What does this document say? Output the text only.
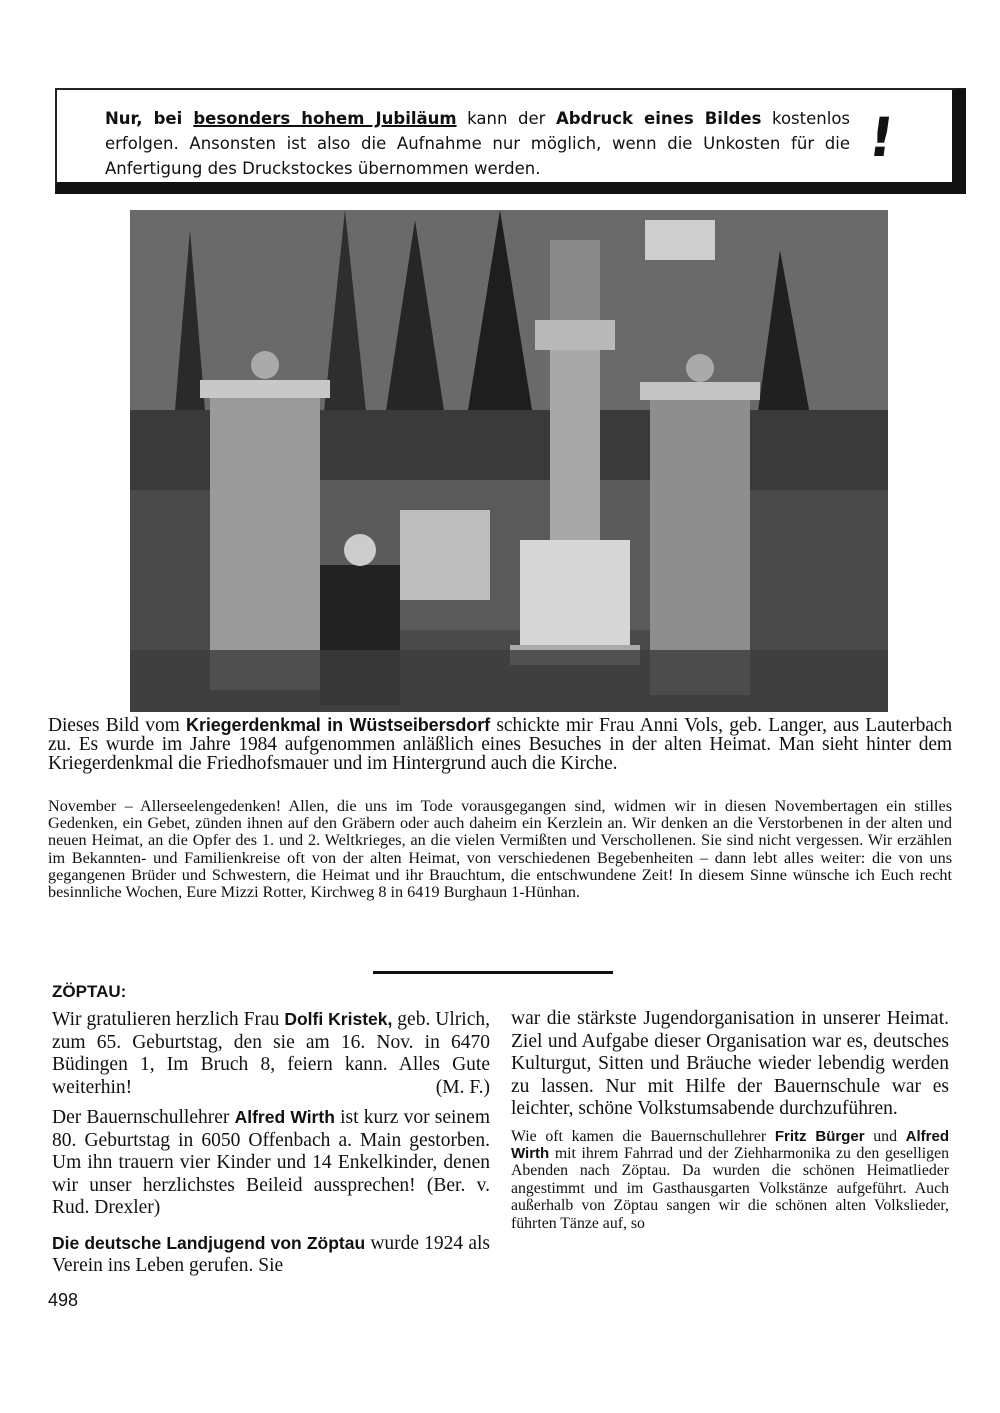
Nur, bei besonders hohem Jubiläum kann der Abdruck eines Bildes kostenlos erfolgen. Ansonsten ist also die Aufnahme nur möglich, wenn die Unkosten für die Anfertigung des Druckstockes übernommen werden.	!
Dieses Bild vom Kriegerdenkmal in Wüstseibersdorf schickte mir Frau Anni Vols, geb. Langer, aus Lauterbach zu. Es wurde im Jahre 1984 aufgenommen anläßlich eines Besuches in der alten Heimat. Man sieht hinter dem Kriegerdenkmal die Friedhofsmauer und im Hintergrund auch die Kirche.
November – Allerseelengedenken! Allen, die uns im Tode vorausgegangen sind, widmen wir in diesen Novembertagen ein stilles Gedenken, ein Gebet, zünden ihnen auf den Gräbern oder auch daheim ein Kerzlein an. Wir denken an die Verstorbenen in der alten und neuen Heimat, an die Opfer des 1. und 2. Weltkrieges, an die vielen Vermißten und Verschollenen. Sie sind nicht vergessen. Wir erzählen im Bekannten- und Familienkreise oft von der alten Heimat, von verschiedenen Begebenheiten – dann lebt alles weiter: die von uns gegangenen Brüder und Schwestern, die Heimat und ihr Brauchtum, die entschwundene Zeit! In diesem Sinne wünsche ich Euch recht besinnliche Wochen, Eure Mizzi Rotter, Kirchweg 8 in 6419 Burghaun 1-Hünhan.
ZÖPTAU:

Wir gratulieren herzlich Frau Dolfi Kristek, geb. Ulrich, zum 65. Geburtstag, den sie am 16. Nov. in 6470 Büdingen 1, Im Bruch 8, feiern kann. Alles Gute weiterhin!	(M. F.)

Der Bauernschullehrer Alfred Wirth ist kurz vor seinem 80. Geburtstag in 6050 Offenbach a. Main gestorben. Um ihn trauern vier Kinder und 14 Enkelkinder, denen wir unser herzlichstes Beileid aussprechen! (Ber. v. Rud. Drexler)

Die deutsche Landjugend von Zöptau wurde 1924 als Verein ins Leben gerufen. Sie

war die stärkste Jugendorganisation in unserer Heimat. Ziel und Aufgabe dieser Organisation war es, deutsches Kulturgut, Sitten und Bräuche wieder lebendig werden zu lassen. Nur mit Hilfe der Bauernschule war es leichter, schöne Volkstumsabende durchzuführen.

Wie oft kamen die Bauernschullehrer Fritz Bürger und Alfred Wirth mit ihrem Fahrrad und der Ziehharmonika zu den geselligen Abenden nach Zöptau. Da wurden die schönen Heimatlieder angestimmt und im Gasthausgarten Volkstänze aufgeführt. Auch außerhalb von Zöptau sangen wir die schönen alten Volkslieder, führten Tänze auf, so

498
